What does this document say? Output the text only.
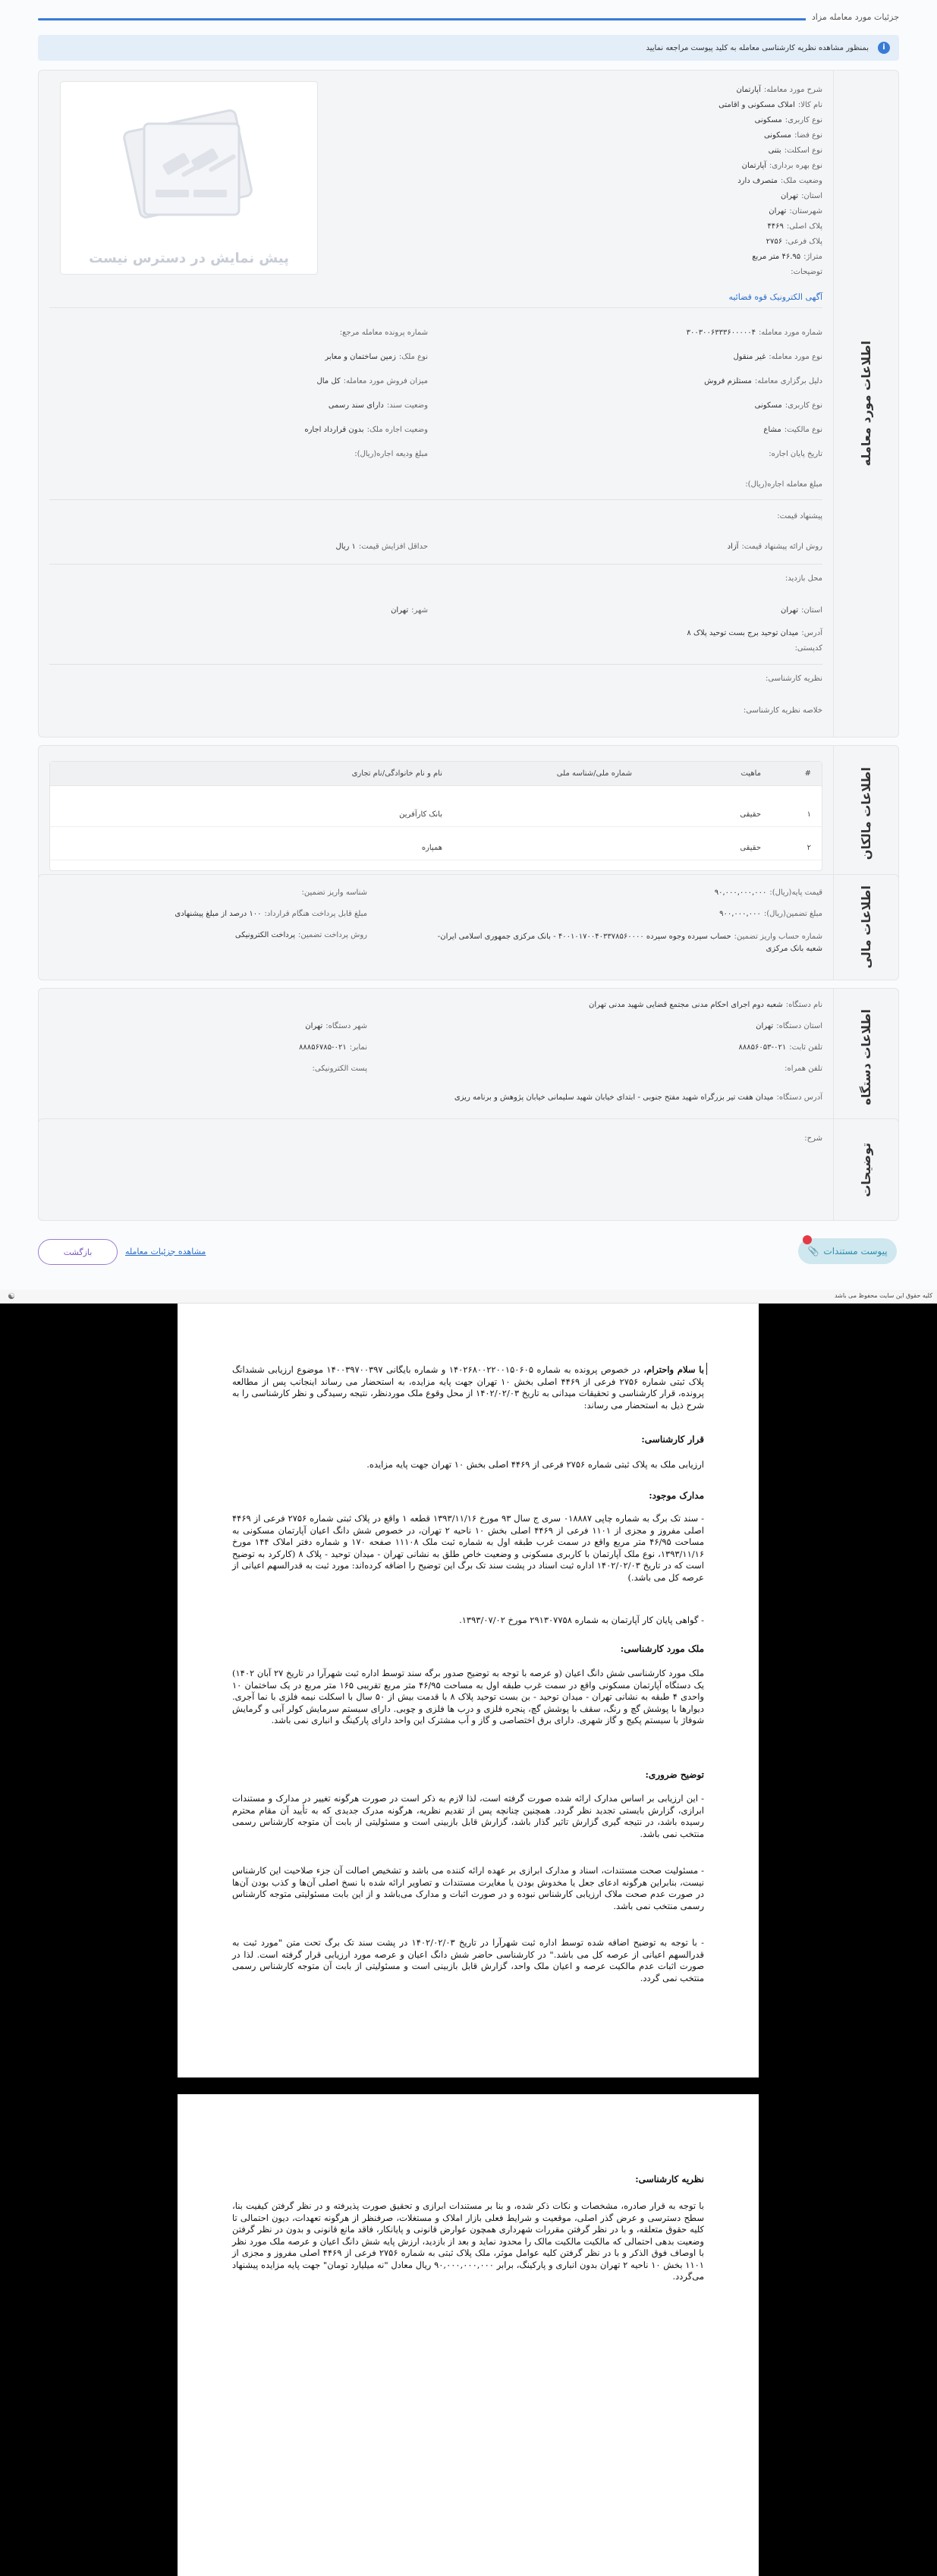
جزئیات مورد معامله مزاد
i
بمنظور مشاهده نظریه کارشناسی معامله به کلید پیوست مراجعه نمایید
اطلاعات مورد معامله
شرح مورد معامله:آپارتمان
نام کالا:املاک مسکونی و اقامتی
نوع کاربری:مسکونی
نوع فضا:مسکونی
نوع اسکلت:بتنی
نوع بهره برداری:آپارتمان
وضعیت ملک:متصرف دارد
استان:تهران
شهرستان:تهران
پلاک اصلی:۴۴۶۹
پلاک فرعی:۲۷۵۶
متراژ:۴۶.۹۵ متر مربع
توضیحات:
پیش نمایش در دسترس نیست
آگهی الکترونیک قوه قضائیه
شماره مورد معامله:۳۰۰۳۰۰۶۳۳۳۶۰۰۰۰۰۴
نوع مورد معامله:غیر منقول
دلیل برگزاری معامله:مستلزم فروش
نوع کاربری:مسکونی
نوع مالکیت:مشاع
تاریخ پایان اجاره:
شماره پرونده معامله مرجع:
نوع ملک:زمین ساختمان و معابر
میزان فروش مورد معامله:کل مال
وضعیت سند:دارای سند رسمی
وضعیت اجاره ملک:بدون قرارداد اجاره
مبلغ ودیعه اجاره(ریال):
مبلغ معامله اجاره(ریال):
پیشنهاد قیمت:
روش ارائه پیشنهاد قیمت:آزاد
حداقل افزایش قیمت:۱ ریال
محل بازدید:
استان:تهران
شهر:تهران
آدرس:میدان توحید برج بست توحید پلاک ۸
کدپستی:
نظریه کارشناسی:
خلاصه نظریه کارشناسی:
اطلاعات مالکان
#
ماهیت
شماره ملی/شناسه ملی
نام و نام خانوادگی/نام تجاری
۱
حقیقی
بانک کارآفرین
۲
حقیقی
همپاره
اطلاعات مالی
قیمت پایه(ریال):۹۰,۰۰۰,۰۰۰,۰۰۰
مبلغ تضمین(ریال):۹۰۰,۰۰۰,۰۰۰
شماره حساب واریز تضمین:حساب سپرده وجوه سپرده ۴۰۰۱۰۱۷۰۰۴۰۳۳۷۸۵۶۰۰۰۰ - بانک مرکزی جمهوری اسلامی ایران- شعبه بانک مرکزی
شناسه واریز تضمین:
مبلغ قابل پرداخت هنگام قرارداد:۱۰۰ درصد از مبلغ پیشنهادی
روش پرداخت تضمین:پرداخت الکترونیکی
اطلاعات دستگاه
نام دستگاه:شعبه دوم اجرای احکام مدنی مجتمع قضایی شهید مدنی تهران
استان دستگاه:تهران
شهر دستگاه:تهران
تلفن ثابت:۰۲۱-۸۸۸۵۶۰۵۳
نمابر:۰۲۱-۸۸۸۵۶۷۸۵
تلفن همراه:
پست الکترونیکی:
آدرس دستگاه:میدان هفت تیر بزرگراه شهید مفتح جنوبی - ابتدای خیابان شهید سلیمانی خیابان پژوهش و برنامه ریزی
توضیحات
شرح:
پیوست مستندات
📎
مشاهده جزئیات معامله
بازگشت
کلیه حقوق این سایت محفوظ می باشد
☯
با سلام واحترام، در خصوص پرونده به شماره ۱۴۰۲۶۸۰۰۲۲۰۰۱۵۰۶۰۵ و شماره بایگانی ۱۴۰۰۳۹۷۰۰۳۹۷ موضوع ارزیابی ششدانگ پلاک ثبتی شماره ۲۷۵۶ فرعی از ۴۴۶۹ اصلی بخش ۱۰ تهران جهت پایه مزایده، به استحضار می رساند اینجانب پس از مطالعه پرونده، قرار کارشناسی و تحقیقات میدانی به تاریخ ۱۴۰۲/۰۲/۰۳ از محل وقوع ملک موردنظر، نتیجه رسیدگی و نظر کارشناسی را به شرح ذیل به استحضار می رساند:
قرار کارشناسی:
ارزیابی ملک به پلاک ثبتی شماره ۲۷۵۶ فرعی از ۴۴۶۹ اصلی بخش ۱۰ تهران جهت پایه مزایده.
مدارک موجود:
- سند تک برگ به شماره چاپی ۰۱۸۸۸۷ سری ج سال ۹۳ مورخ ۱۳۹۳/۱۱/۱۶ قطعه ۱ واقع در پلاک ثبتی شماره ۲۷۵۶ فرعی از ۴۴۶۹ اصلی مفروز و مجزی از ۱۱۰۱ فرعی از ۴۴۶۹ اصلی بخش ۱۰ ناحیه ۲ تهران، در خصوص شش دانگ اعیان آپارتمان مسکونی به مساحت ۴۶/۹۵ متر مربع واقع در سمت غرب طبقه اول به شماره ثبت ملک ۱۱۱۰۸ صفحه ۱۷۰ و شماره دفتر املاک ۱۴۴ مورخ ۱۳۹۳/۱۱/۱۶، نوع ملک آپارتمان با کاربری مسکونی و وضعیت خاص طلق به نشانی تهران - میدان توحید - پلاک ۸ (کارکرد به توضیح است که در تاریخ ۱۴۰۲/۰۲/۰۳ اداره ثبت اسناد در پشت سند تک برگ این توضیح را اضافه کرده‌اند: مورد ثبت به قدرالسهم اعیانی از عرصه کل می باشد.)
- گواهی پایان کار آپارتمان به شماره ۲۹۱۳۰۷۷۵۸ مورخ ۱۳۹۳/۰۷/۰۲.
ملک مورد کارشناسی:
ملک مورد کارشناسی شش دانگ اعیان (و عرصه با توجه به توضیح صدور برگه سند توسط اداره ثبت شهرآرا در تاریخ ۲۷ آبان ۱۴۰۲) یک دستگاه آپارتمان مسکونی واقع در سمت غرب طبقه اول به مساحت ۴۶/۹۵ متر مربع تقریبی ۱۶۵ متر مربع در یک ساختمان ۱۰ واحدی ۴ طبقه به نشانی تهران - میدان توحید - بن بست توحید پلاک ۸ با قدمت بیش از ۵۰ سال با اسکلت نیمه فلزی با نما آجری. دیوارها با پوشش گچ و رنگ، سقف با پوشش گچ، پنجره فلزی و درب ها فلزی و چوبی. دارای سیستم سرمایش کولر آبی و گرمایش شوفاژ با سیستم پکیج و گاز شهری. دارای برق اختصاصی و گاز و آب مشترک این واحد دارای پارکینگ و انباری نمی باشد.
توضیح ضروری:
- این ارزیابی بر اساس مدارک ارائه شده صورت گرفته است، لذا لازم به ذکر است در صورت هرگونه تغییر در مدارک و مستندات ابرازی، گزارش بایستی تجدید نظر گردد. همچنین چنانچه پس از تقدیم نظریه، هرگونه مدرک جدیدی که به تأیید آن مقام محترم رسیده باشد، در نتیجه گیری گزارش تاثیر گذار باشد، گزارش قابل بازبینی است و مسئولیتی از بابت آن متوجه کارشناس رسمی منتخب نمی باشد.
- مسئولیت صحت مستندات، اسناد و مدارک ابرازی بر عهده ارائه کننده می باشد و تشخیص اصالت آن جزء صلاحیت این کارشناس نیست، بنابراین هرگونه ادعای جعل یا مخدوش بودن یا مغایرت مستندات و تصاویر ارائه شده با نسخ اصلی آن‌ها و کذب بودن آن‌ها در صورت عدم صحت ملاک ارزیابی کارشناس نبوده و در صورت اثبات و مدارک می‌باشد و از این بابت مسئولیتی متوجه کارشناس رسمی منتخب نمی باشد.
- با توجه به توضیح اضافه شده توسط اداره ثبت شهرآرا در تاریخ ۱۴۰۲/۰۲/۰۳ در پشت سند تک برگ تحت متن "مورد ثبت به قدرالسهم اعیانی از عرصه کل می باشد." در کارشناسی حاضر شش دانگ اعیان و عرصه مورد ارزیابی قرار گرفته است. لذا در صورت اثبات عدم مالکیت عرصه و اعیان ملک واحد، گزارش قابل بازبینی است و مسئولیتی از بابت آن متوجه کارشناس رسمی منتخب نمی گردد.
نظریه کارشناسی:
با توجه به قرار صادره، مشخصات و نکات ذکر شده، و بنا بر مستندات ابرازی و تحقیق صورت پذیرفته و در نظر گرفتن کیفیت بنا، سطح دسترسی و عرض گذر اصلی، موقعیت و شرایط فعلی بازار املاک و مستغلات، صرفنظر از هرگونه تعهدات، دیون احتمالی تا کلیه حقوق متعلقه، و با در نظر گرفتن مقررات شهرداری همچون عوارض قانونی و پایانکار، فاقد مانع قانونی و بدون در نظر گرفتن وضعیت بدهی احتمالی که مالکیت مالکیت مالک را محدود نماید و بعد از بازدید، ارزش پایه شش دانگ اعیان و عرصه ملک مورد نظر با اوصاف فوق الذکر و با در نظر گرفتن کلیه عوامل موثر، ملک پلاک ثبتی به شماره ۲۷۵۶ فرعی از ۴۴۶۹ اصلی مفروز و مجزی از ۱۱۰۱ بخش ۱۰ ناحیه ۲ تهران بدون انباری و پارکینگ، برابر ۹۰,۰۰۰,۰۰۰,۰۰۰ ریال معادل "نه میلیارد تومان" جهت پایه مزایده پیشنهاد می‌گردد.
